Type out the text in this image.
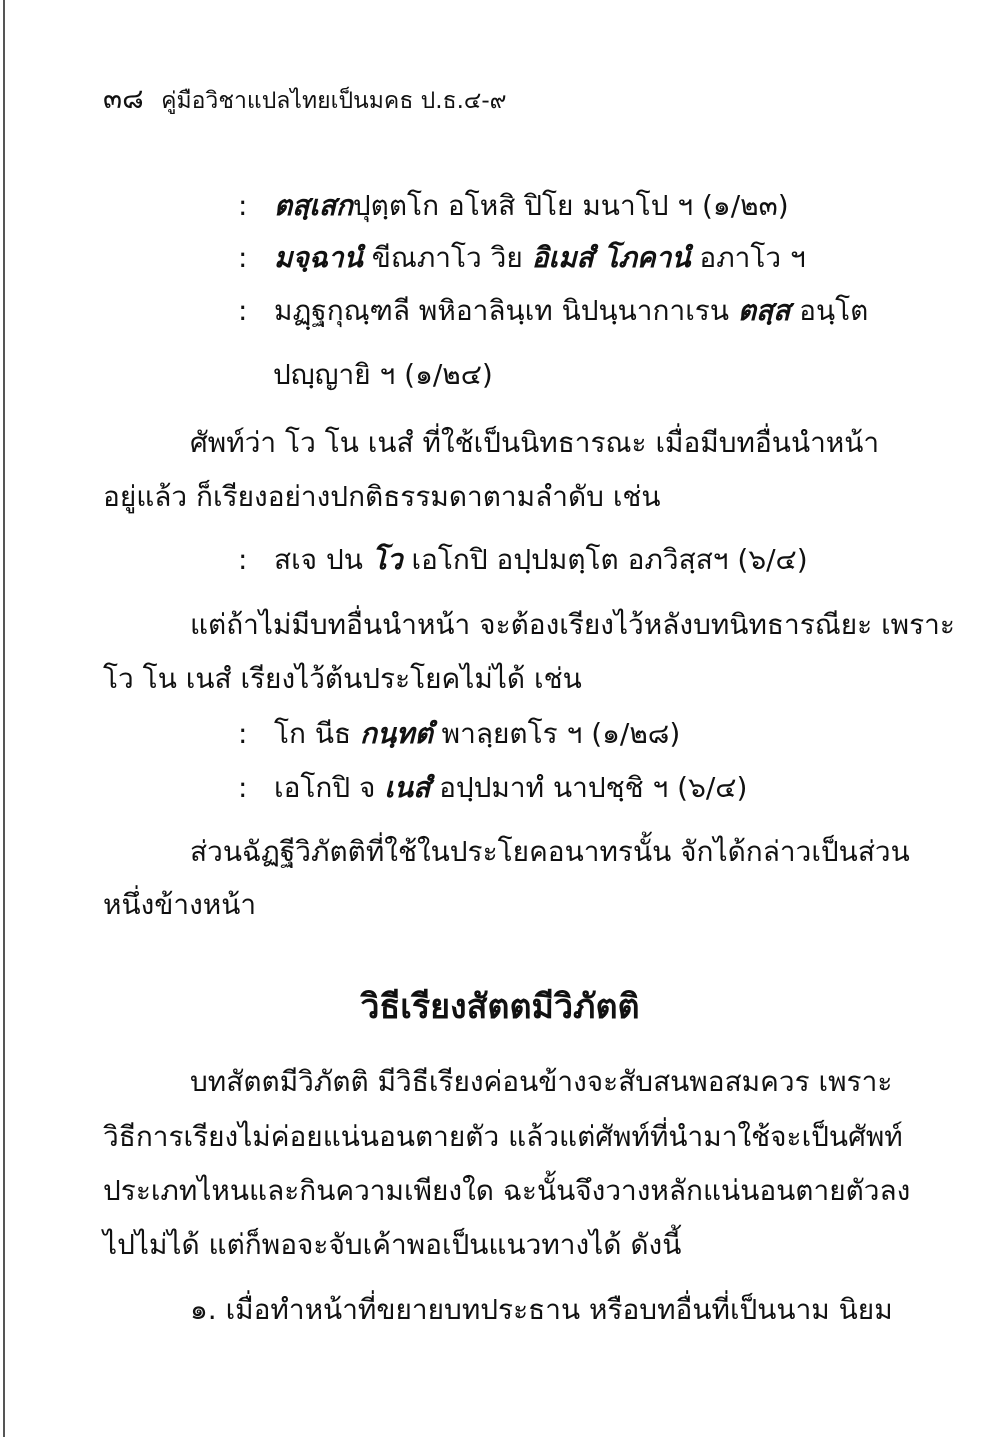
๓๘ คู่มือวิชาแปลไทยเป็นมคธ ป.ธ.๔-๙
: ตสฺเสกปุตฺตโก อโหสิ ปิโย มนาโป ฯ (๑/๒๓)
: มจฺฉานํ ขีณภาโว วิย อิเมสํ โภคานํ อภาโว ฯ
: มฏฺฐกุณฺฑลี พหิอาลินฺเท นิปนฺนากาเรน ตสฺส อนฺโต
ปญฺญายิ ฯ (๑/๒๔)
ศัพท์ว่า โว โน เนสํ ที่ใช้เป็นนิทธารณะ เมื่อมีบทอื่นนำหน้า
อยู่แล้ว ก็เรียงอย่างปกติธรรมดาตามลำดับ เช่น
: สเจ ปน โว เอโกปิ อปฺปมตฺโต อภวิสฺสฯ (๖/๔)
แต่ถ้าไม่มีบทอื่นนำหน้า จะต้องเรียงไว้หลังบทนิทธารณียะ เพราะ
โว โน เนสํ เรียงไว้ต้นประโยคไม่ได้ เช่น
: โก นีธ กนฺทตํ พาลฺยตโร ฯ (๑/๒๘)
: เอโกปิ จ เนสํ อปฺปมาทํ นาปชฺชิ ฯ (๖/๔)
ส่วนฉัฏฐีวิภัตติที่ใช้ในประโยคอนาทรนั้น จักได้กล่าวเป็นส่วน
หนึ่งข้างหน้า
วิธีเรียงสัตตมีวิภัตติ
บทสัตตมีวิภัตติ มีวิธีเรียงค่อนข้างจะสับสนพอสมควร เพราะ
วิธีการเรียงไม่ค่อยแน่นอนตายตัว แล้วแต่ศัพท์ที่นำมาใช้จะเป็นศัพท์
ประเภทไหนและกินความเพียงใด ฉะนั้นจึงวางหลักแน่นอนตายตัวลง
ไปไม่ได้ แต่ก็พอจะจับเค้าพอเป็นแนวทางได้ ดังนี้
๑. เมื่อทำหน้าที่ขยายบทประธาน หรือบทอื่นที่เป็นนาม นิยม
